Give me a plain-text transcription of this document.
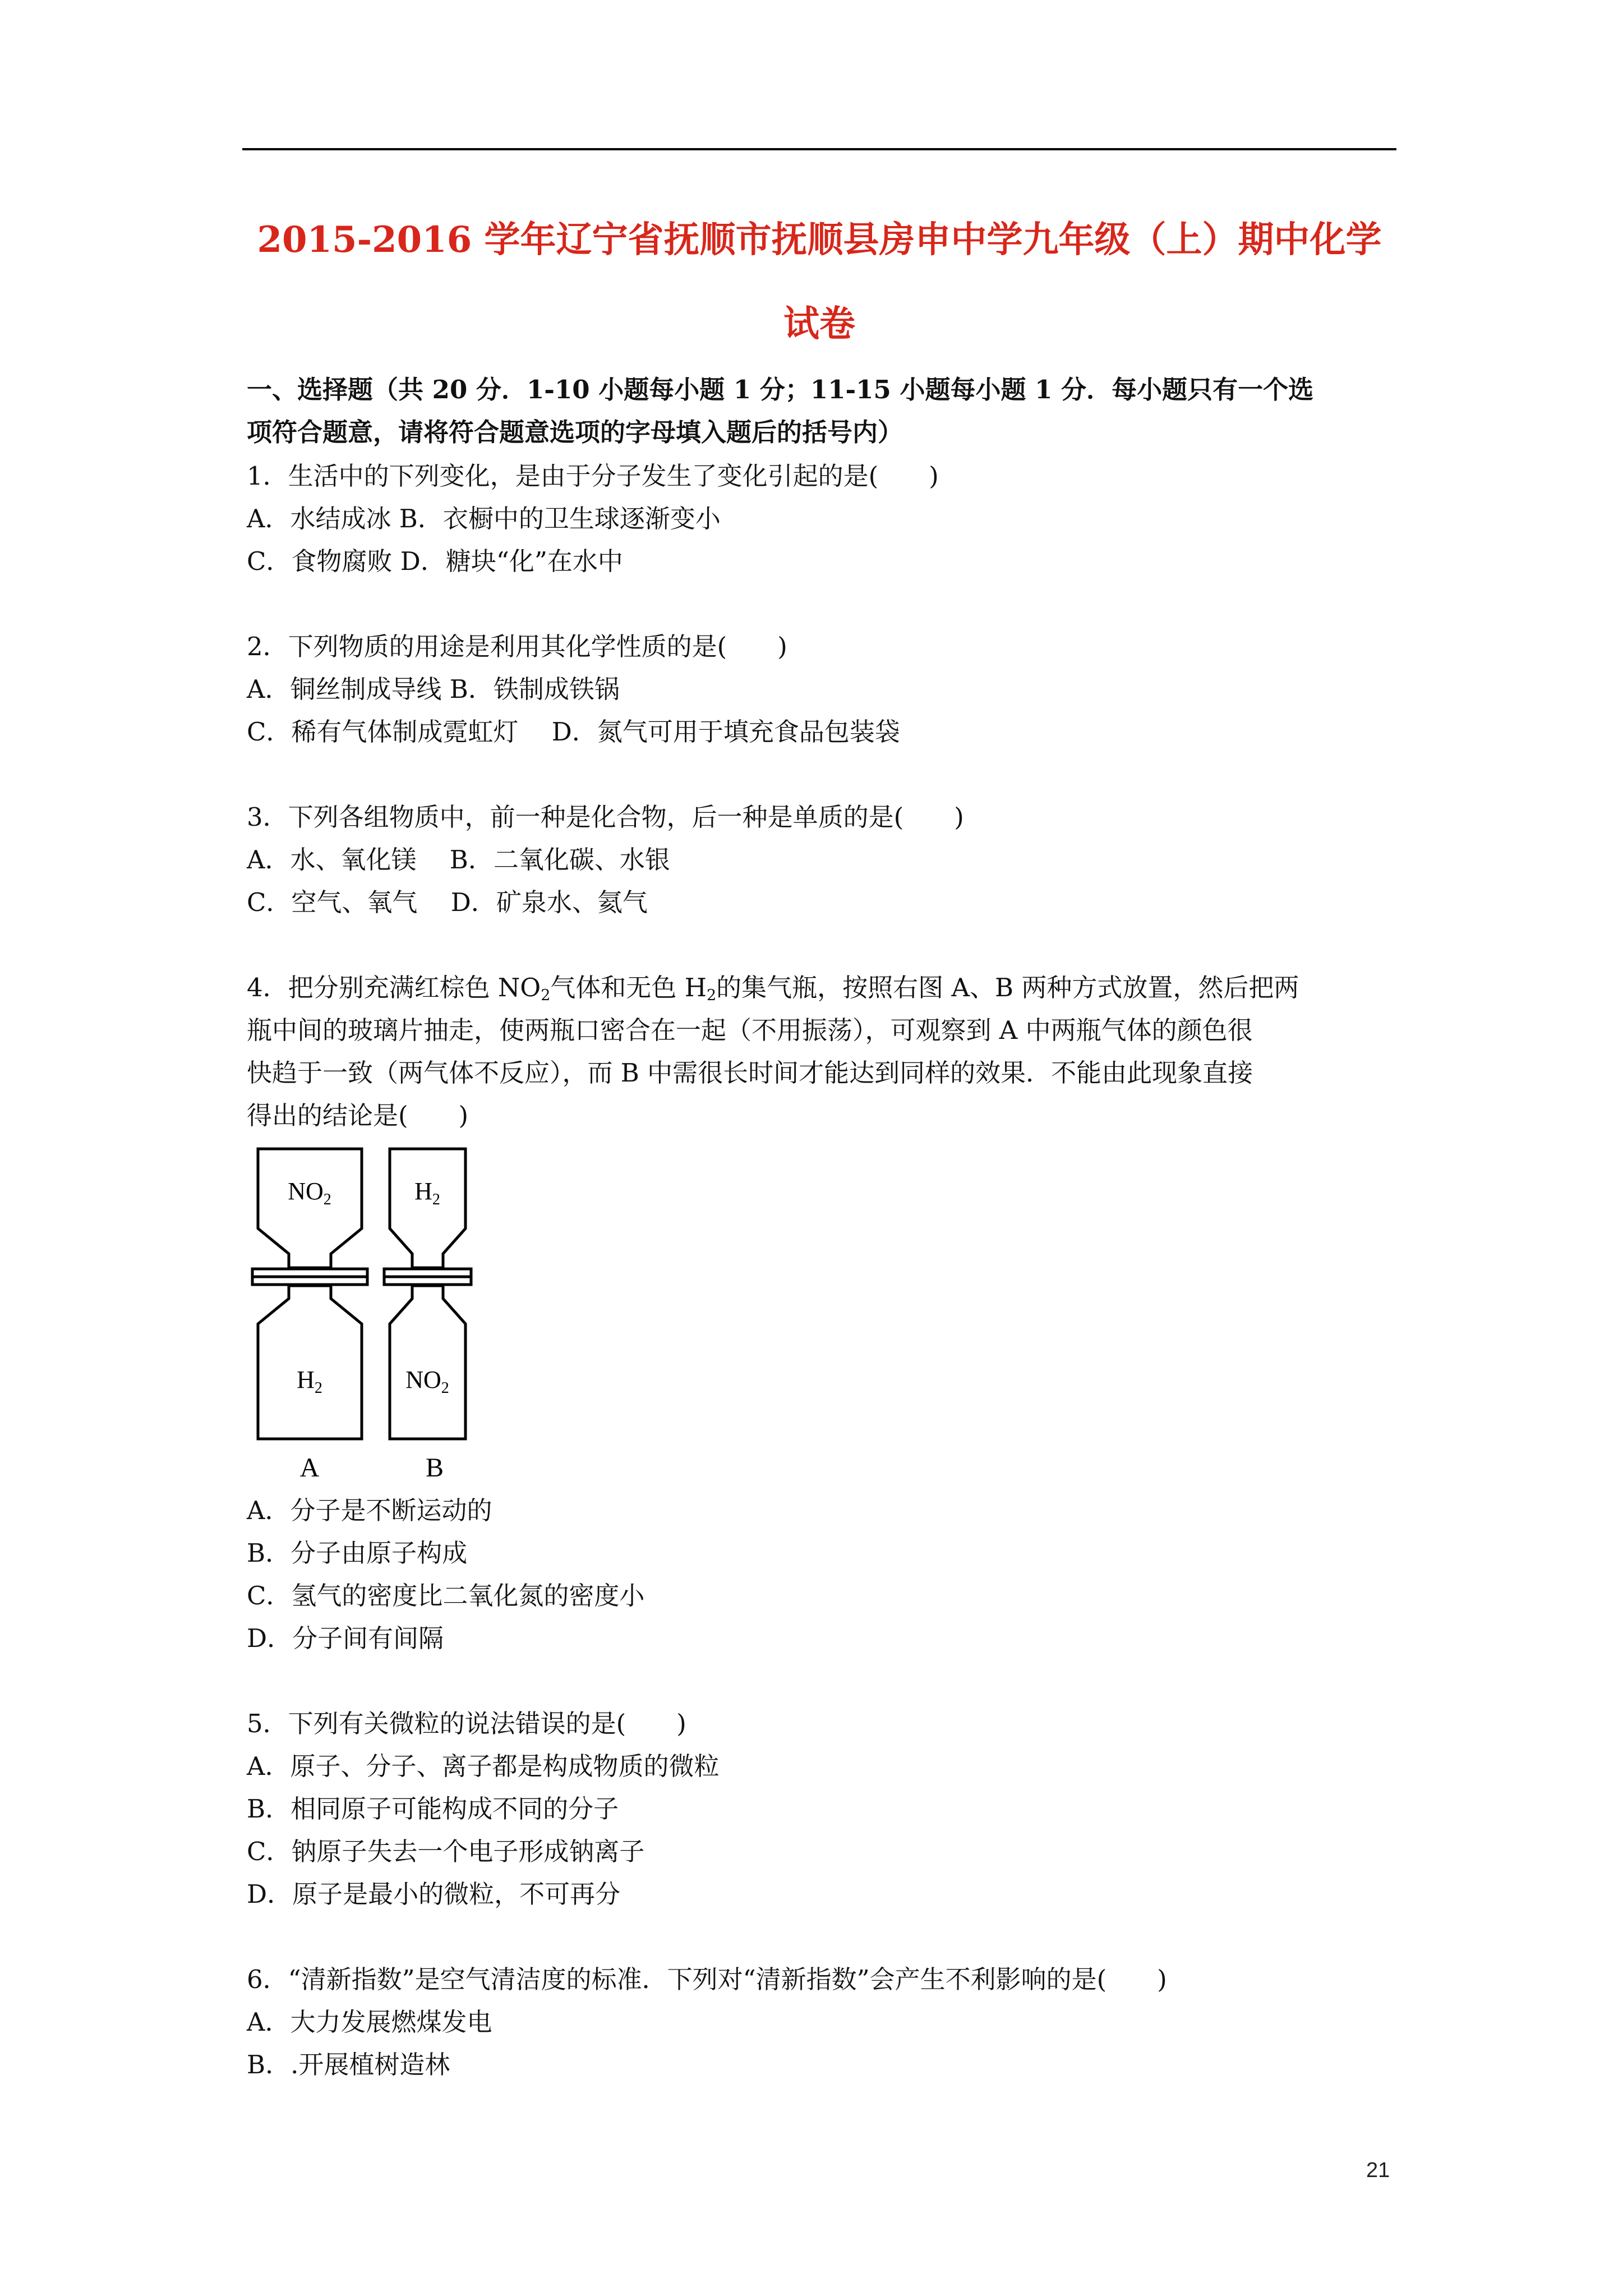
2015-2016 学年辽宁省抚顺市抚顺县房申中学九年级（上）期中化学
试卷
一、选择题（共 20 分．1-10 小题每小题 1 分；11-15 小题每小题 1 分．每小题只有一个选
项符合题意，请将符合题意选项的字母填入题后的括号内）
1．生活中的下列变化，是由于分子发生了变化引起的是(　　)
A．水结成冰 B．衣橱中的卫生球逐渐变小
C．食物腐败 D．糖块“化”在水中
2．下列物质的用途是利用其化学性质的是(　　)
A．铜丝制成导线 B．铁制成铁锅
C．稀有气体制成霓虹灯　 D．氮气可用于填充食品包装袋
3．下列各组物质中，前一种是化合物，后一种是单质的是(　　)
A．水、氧化镁　 B．二氧化碳、水银
C．空气、氧气　 D．矿泉水、氦气
4．把分别充满红棕色 $NO_2$气体和无色 $H_2$的集气瓶，按照右图 A、B 两种方式放置，然后把两
瓶中间的玻璃片抽走，使两瓶口密合在一起（不用振荡），可观察到 A 中两瓶气体的颜色很
快趋于一致（两气体不反应），而 B 中需很长时间才能达到同样的效果．不能由此现象直接
得出的结论是(　　)
$NO_2$
$H_2$
$H_2$
$NO_2$
A	B
A．分子是不断运动的
B．分子由原子构成
C．氢气的密度比二氧化氮的密度小
D．分子间有间隔
5．下列有关微粒的说法错误的是(　　)
A．原子、分子、离子都是构成物质的微粒
B．相同原子可能构成不同的分子
C．钠原子失去一个电子形成钠离子
D．原子是最小的微粒，不可再分
6．“清新指数”是空气清洁度的标准．下列对“清新指数”会产生不利影响的是(　　)
A．大力发展燃煤发电
B．.开展植树造林
21
